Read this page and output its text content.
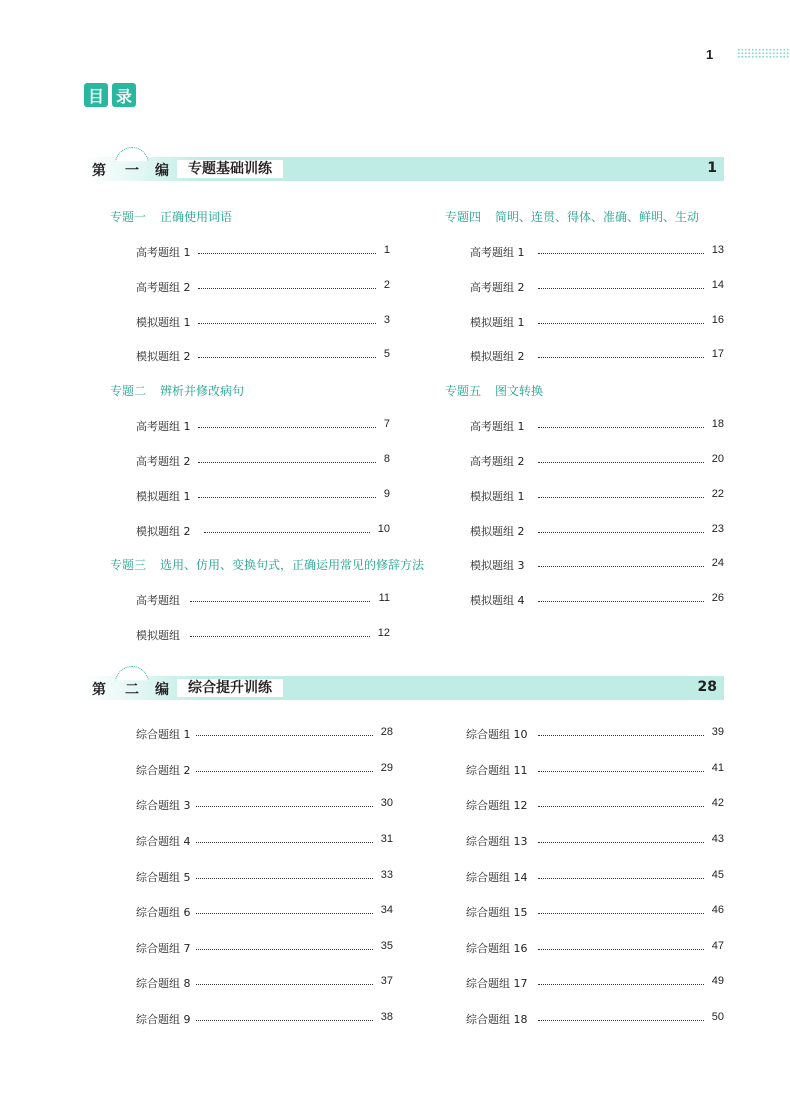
1
目 录
第 一 编	专题基础训练	1
专题一 正确使用词语
专题二 辨析并修改病句
专题三 选用、仿用、变换句式，正确运用常见的修辞方法
专题四 简明、连贯、得体、准确、鲜明、生动
专题五 图文转换
高考题组 1	1
高考题组 2	2
模拟题组 1	3
模拟题组 2	5
高考题组 1	7
高考题组 2	8
模拟题组 1	9
模拟题组 2	10
高考题组	11
模拟题组	12
高考题组 1	13
高考题组 2	14
模拟题组 1	16
模拟题组 2	17
高考题组 1	18
高考题组 2	20
模拟题组 1	22
模拟题组 2	23
模拟题组 3	24
模拟题组 4	26
第 二 编	综合提升训练	28
综合题组 1	28
综合题组 2	29
综合题组 3	30
综合题组 4	31
综合题组 5	33
综合题组 6	34
综合题组 7	35
综合题组 8	37
综合题组 9	38
综合题组 10	39
综合题组 11	41
综合题组 12	42
综合题组 13	43
综合题组 14	45
综合题组 15	46
综合题组 16	47
综合题组 17	49
综合题组 18	50
